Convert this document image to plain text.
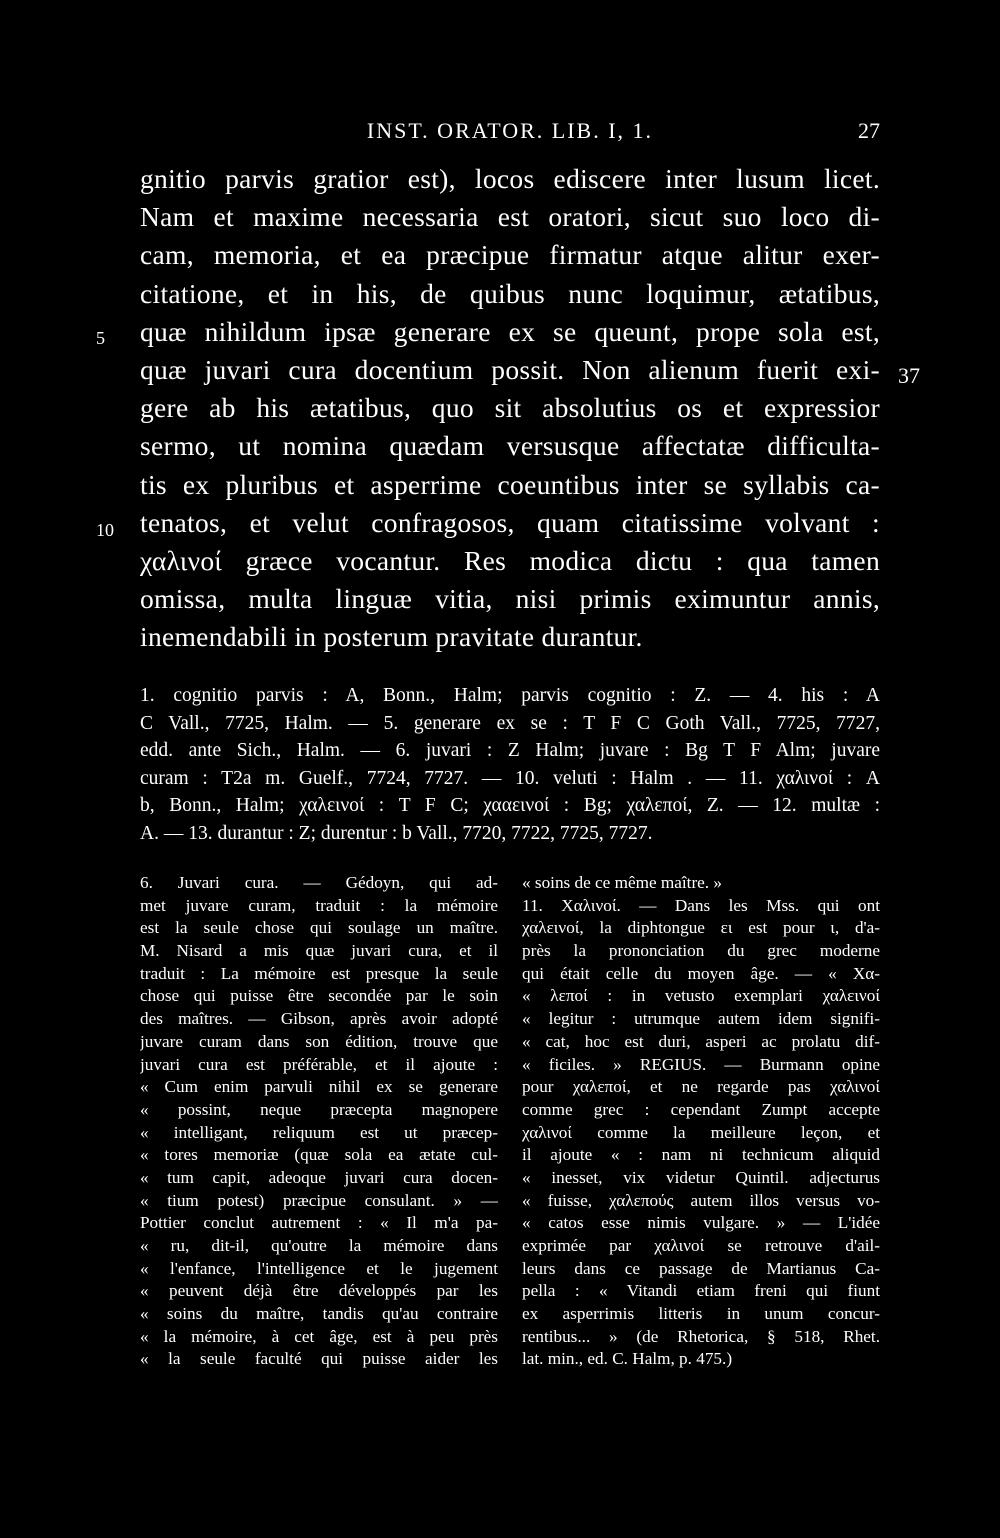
INST. ORATOR. LIB. I, 1.	27
gnitio parvis gratior est), locos ediscere inter lusum licet.
Nam et maxime necessaria est oratori, sicut suo loco di-
cam, memoria, et ea præcipue firmatur atque alitur exer-
citatione, et in his, de quibus nunc loquimur, ætatibus,
quæ nihildum ipsæ generare ex se queunt, prope sola est,
quæ juvari cura docentium possit. Non alienum fuerit exi-
gere ab his ætatibus, quo sit absolutius os et expressior
sermo, ut nomina quædam versusque affectatæ difficulta-
tis ex pluribus et asperrime coeuntibus inter se syllabis ca-
tenatos, et velut confragosos, quam citatissime volvant :
χαλινοί græce vocantur. Res modica dictu : qua tamen
omissa, multa linguæ vitia, nisi primis eximuntur annis,
inemendabili in posterum pravitate durantur.
5
10
37
1. cognitio parvis : A, Bonn., Halm; parvis cognitio : Z. — 4. his : A
C Vall., 7725, Halm. — 5. generare ex se : T F C Goth Vall., 7725, 7727,
edd. ante Sich., Halm. — 6. juvari : Z Halm; juvare : Bg T F Alm; juvare
curam : T2a m. Guelf., 7724, 7727. — 10. veluti : Halm . — 11. χαλινοί : A
b, Bonn., Halm; χαλεινοί : T F C; χααεινοί : Bg; χαλεποί, Z. — 12. multæ :
A. — 13. durantur : Z; durentur : b Vall., 7720, 7722, 7725, 7727.
6. Juvari cura. — Gédoyn, qui ad-
met juvare curam, traduit : la mémoire
est la seule chose qui soulage un maître.
M. Nisard a mis quæ juvari cura, et il
traduit : La mémoire est presque la seule
chose qui puisse être secondée par le soin
des maîtres. — Gibson, après avoir adopté
juvare curam dans son édition, trouve que
juvari cura est préférable, et il ajoute :
« Cum enim parvuli nihil ex se generare
« possint, neque præcepta magnopere
« intelligant, reliquum est ut præcep-
« tores memoriæ (quæ sola ea ætate cul-
« tum capit, adeoque juvari cura docen-
« tium potest) præcipue consulant. » —
Pottier conclut autrement : « Il m'a pa-
« ru, dit-il, qu'outre la mémoire dans
« l'enfance, l'intelligence et le jugement
« peuvent déjà être développés par les
« soins du maître, tandis qu'au contraire
« la mémoire, à cet âge, est à peu près
« la seule faculté qui puisse aider les
« soins de ce même maître. »
11. Χαλινοί. — Dans les Mss. qui ont
χαλεινοί, la diphtongue ει est pour ι, d'a-
près la prononciation du grec moderne
qui était celle du moyen âge. — « Χα-
« λεποί : in vetusto exemplari χαλεινοί
« legitur : utrumque autem idem signifi-
« cat, hoc est duri, asperi ac prolatu dif-
« ficiles. » REGIUS. — Burmann opine
pour χαλεποί, et ne regarde pas χαλινοί
comme grec : cependant Zumpt accepte
χαλινοί comme la meilleure leçon, et
il ajoute « : nam ni technicum aliquid
« inesset, vix videtur Quintil. adjecturus
« fuisse, χαλεπούς autem illos versus vo-
« catos esse nimis vulgare. » — L'idée
exprimée par χαλινοί se retrouve d'ail-
leurs dans ce passage de Martianus Ca-
pella : « Vitandi etiam freni qui fiunt
ex asperrimis litteris in unum concur-
rentibus... » (de Rhetorica, § 518, Rhet.
lat. min., ed. C. Halm, p. 475.)
